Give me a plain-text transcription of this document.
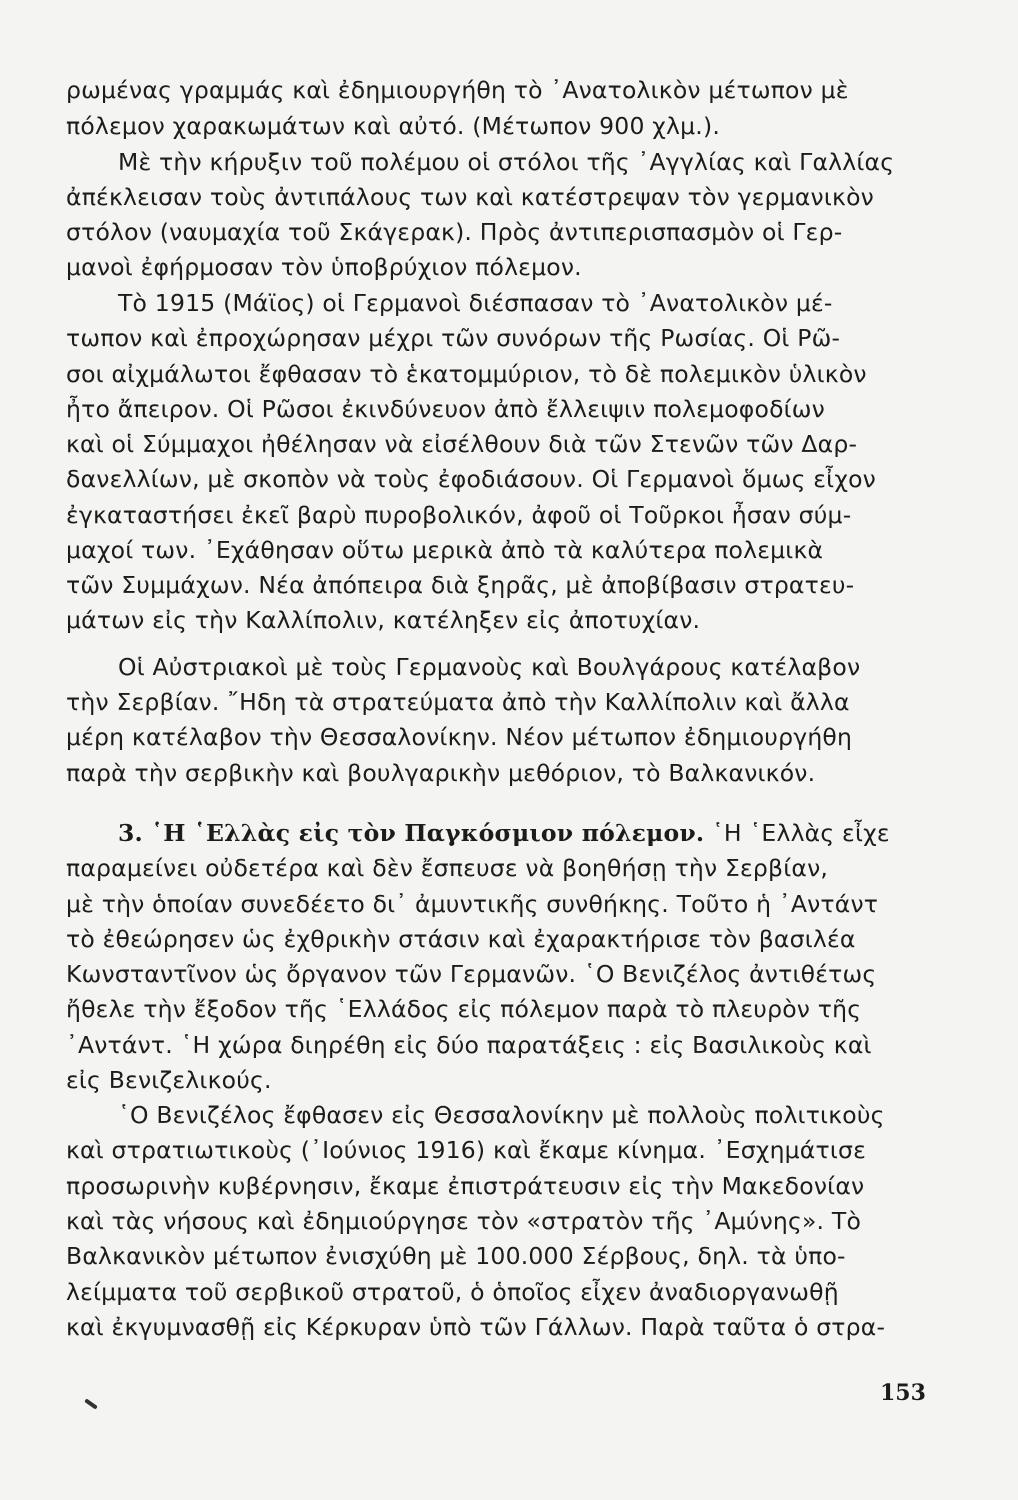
ρωμένας γραμμάς καὶ ἐδημιουργήθη τὸ ᾿Ανατολικὸν μέτωπον μὲ
πόλεμον χαρακωμάτων καὶ αὐτό. (Μέτωπον 900 χλμ.).
Μὲ τὴν κήρυξιν τοῦ πολέμου οἱ στόλοι τῆς ᾿Αγγλίας καὶ Γαλλίας
ἀπέκλεισαν τοὺς ἀντιπάλους των καὶ κατέστρεψαν τὸν γερμανικὸν
στόλον (ναυμαχία τοῦ Σκάγερακ). Πρὸς ἀντιπερισπασμὸν οἱ Γερ-
μανοὶ ἐφήρμοσαν τὸν ὑποβρύχιον πόλεμον.
Τὸ 1915 (Μάϊος) οἱ Γερμανοὶ διέσπασαν τὸ ᾿Ανατολικὸν μέ-
τωπον καὶ ἐπροχώρησαν μέχρι τῶν συνόρων τῆς Ρωσίας. Οἱ Ρῶ-
σοι αἰχμάλωτοι ἔφθασαν τὸ ἑκατομμύριον, τὸ δὲ πολεμικὸν ὑλικὸν
ἦτο ἄπειρον. Οἱ Ρῶσοι ἐκινδύνευον ἀπὸ ἔλλειψιν πολεμοφοδίων
καὶ οἱ Σύμμαχοι ἠθέλησαν νὰ εἰσέλθουν διὰ τῶν Στενῶν τῶν Δαρ-
δανελλίων, μὲ σκοπὸν νὰ τοὺς ἐφοδιάσουν. Οἱ Γερμανοὶ ὅμως εἶχον
ἐγκαταστήσει ἐκεῖ βαρὺ πυροβολικόν, ἀφοῦ οἱ Τοῦρκοι ἦσαν σύμ-
μαχοί των. ᾿Εχάθησαν οὕτω μερικὰ ἀπὸ τὰ καλύτερα πολεμικὰ
τῶν Συμμάχων. Νέα ἀπόπειρα διὰ ξηρᾶς, μὲ ἀποβίβασιν στρατευ-
μάτων εἰς τὴν Καλλίπολιν, κατέληξεν εἰς ἀποτυχίαν.
Οἱ Αὐστριακοὶ μὲ τοὺς Γερμανοὺς καὶ Βουλγάρους κατέλαβον
τὴν Σερβίαν. ῎Ηδη τὰ στρατεύματα ἀπὸ τὴν Καλλίπολιν καὶ ἄλλα
μέρη κατέλαβον τὴν Θεσσαλονίκην. Νέον μέτωπον ἐδημιουργήθη
παρὰ τὴν σερβικὴν καὶ βουλγαρικὴν μεθόριον, τὸ Βαλκανικόν.
3. ῾Η ῾Ελλὰς εἰς τὸν Παγκόσμιον πόλεμον. ῾Η ῾Ελλὰς εἶχε
παραμείνει οὐδετέρα καὶ δὲν ἔσπευσε νὰ βοηθήσῃ τὴν Σερβίαν,
μὲ τὴν ὁποίαν συνεδέετο δι᾿ ἀμυντικῆς συνθήκης. Τοῦτο ἡ ᾿Αντάντ
τὸ ἐθεώρησεν ὡς ἐχθρικὴν στάσιν καὶ ἐχαρακτήρισε τὸν βασιλέα
Κωνσταντῖνον ὡς ὄργανον τῶν Γερμανῶν. ῾Ο Βενιζέλος ἀντιθέτως
ἤθελε τὴν ἔξοδον τῆς ῾Ελλάδος εἰς πόλεμον παρὰ τὸ πλευρὸν τῆς
᾿Αντάντ. ῾Η χώρα διηρέθη εἰς δύο παρατάξεις : εἰς Βασιλικοὺς καὶ
εἰς Βενιζελικούς.
῾Ο Βενιζέλος ἔφθασεν εἰς Θεσσαλονίκην μὲ πολλοὺς πολιτικοὺς
καὶ στρατιωτικοὺς (᾿Ιούνιος 1916) καὶ ἔκαμε κίνημα. ᾿Εσχημάτισε
προσωρινὴν κυβέρνησιν, ἔκαμε ἐπιστράτευσιν εἰς τὴν Μακεδονίαν
καὶ τὰς νήσους καὶ ἐδημιούργησε τὸν «στρατὸν τῆς ᾿Αμύνης». Τὸ
Βαλκανικὸν μέτωπον ἐνισχύθη μὲ 100.000 Σέρβους, δηλ. τὰ ὑπο-
λείμματα τοῦ σερβικοῦ στρατοῦ, ὁ ὁποῖος εἶχεν ἀναδιοργανωθῇ
καὶ ἐκγυμνασθῇ εἰς Κέρκυραν ὑπὸ τῶν Γάλλων. Παρὰ ταῦτα ὁ στρα-
153
